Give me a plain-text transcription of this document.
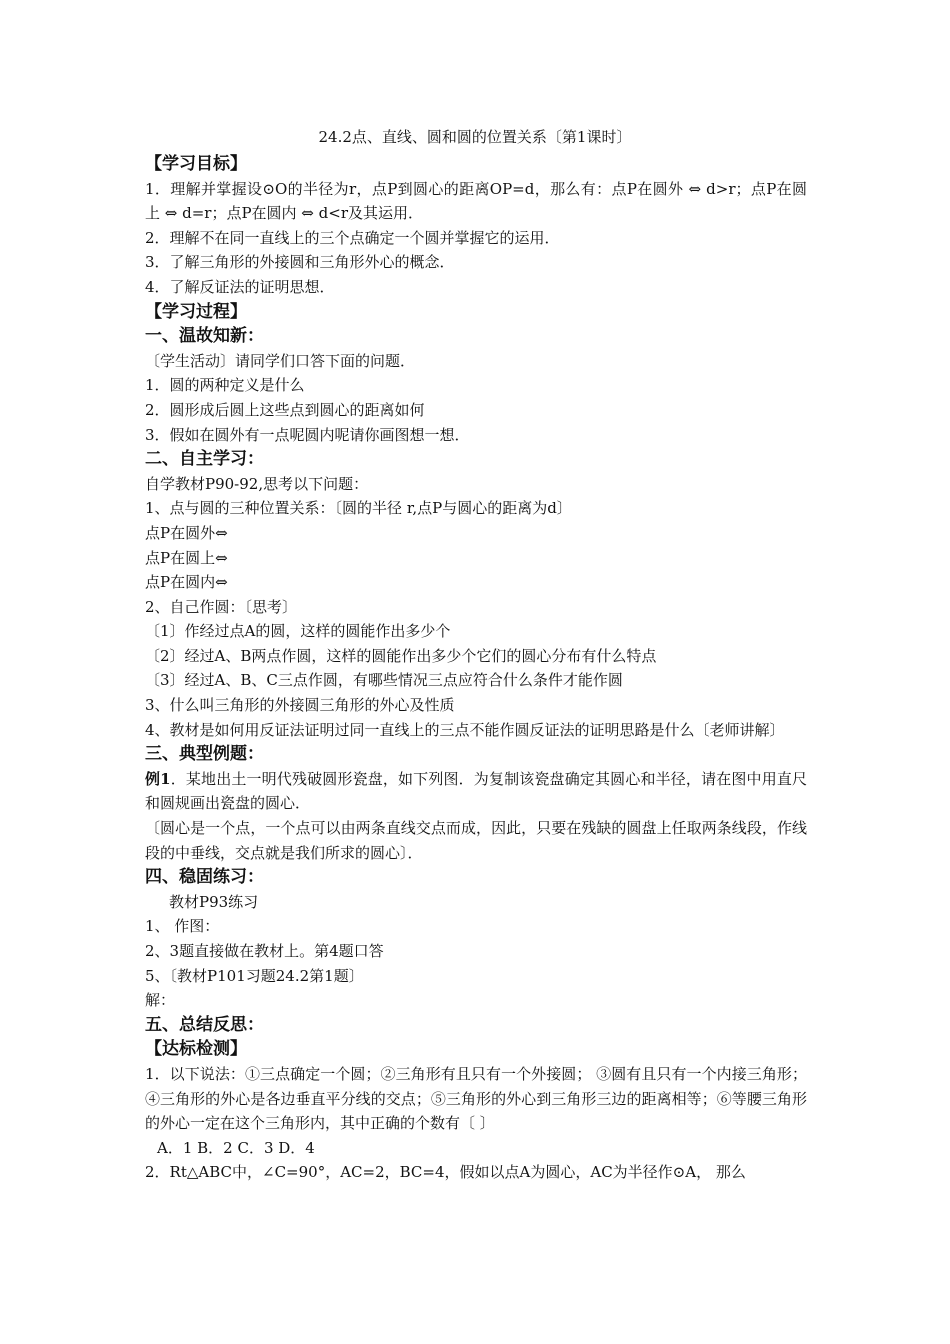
24.2点、直线、圆和圆的位置关系〔第1课时〕
【学习目标】
1．理解并掌握设⊙O的半径为r，点P到圆心的距离OP=d，那么有：点P在圆外 ⇔ d>r；点P在圆上 ⇔ d=r；点P在圆内 ⇔ d<r及其运用．
2．理解不在同一直线上的三个点确定一个圆并掌握它的运用．
3．了解三角形的外接圆和三角形外心的概念．
4．了解反证法的证明思想．
【学习过程】
一、温故知新：
〔学生活动〕请同学们口答下面的问题．
1．圆的两种定义是什么
2．圆形成后圆上这些点到圆心的距离如何
3．假如在圆外有一点呢圆内呢请你画图想一想．
二、自主学习：
自学教材P90-92,思考以下问题：
1、点与圆的三种位置关系：〔圆的半径 r,点P与圆心的距离为d〕
点P在圆外⇔
点P在圆上⇔
点P在圆内⇔
2、自己作圆：〔思考〕
〔1〕作经过点A的圆，这样的圆能作出多少个
〔2〕经过A、B两点作圆，这样的圆能作出多少个它们的圆心分布有什么特点
〔3〕经过A、B、C三点作圆，有哪些情况三点应符合什么条件才能作圆
3、什么叫三角形的外接圆三角形的外心及性质
4、教材是如何用反证法证明过同一直线上的三点不能作圆反证法的证明思路是什么〔老师讲解〕
三、典型例题：
例1．某地出土一明代残破圆形瓷盘，如下列图．为复制该瓷盘确定其圆心和半径，请在图中用直尺和圆规画出瓷盘的圆心．
〔圆心是一个点，一个点可以由两条直线交点而成，因此，只要在残缺的圆盘上任取两条线段，作线段的中垂线，交点就是我们所求的圆心〕．
四、稳固练习：
教材P93练习
1、 作图：
2、3题直接做在教材上。第4题口答
5、〔教材P101习题24.2第1题〕
解：
五、总结反思：
【达标检测】
1．以下说法：①三点确定一个圆；②三角形有且只有一个外接圆； ③圆有且只有一个内接三角形；④三角形的外心是各边垂直平分线的交点；⑤三角形的外心到三角形三边的距离相等；⑥等腰三角形的外心一定在这个三角形内，其中正确的个数有〔 〕
A．1 B．2 C．3 D．4
2．Rt△ABC中，∠C=90°，AC=2，BC=4，假如以点A为圆心，AC为半径作⊙A， 那么
